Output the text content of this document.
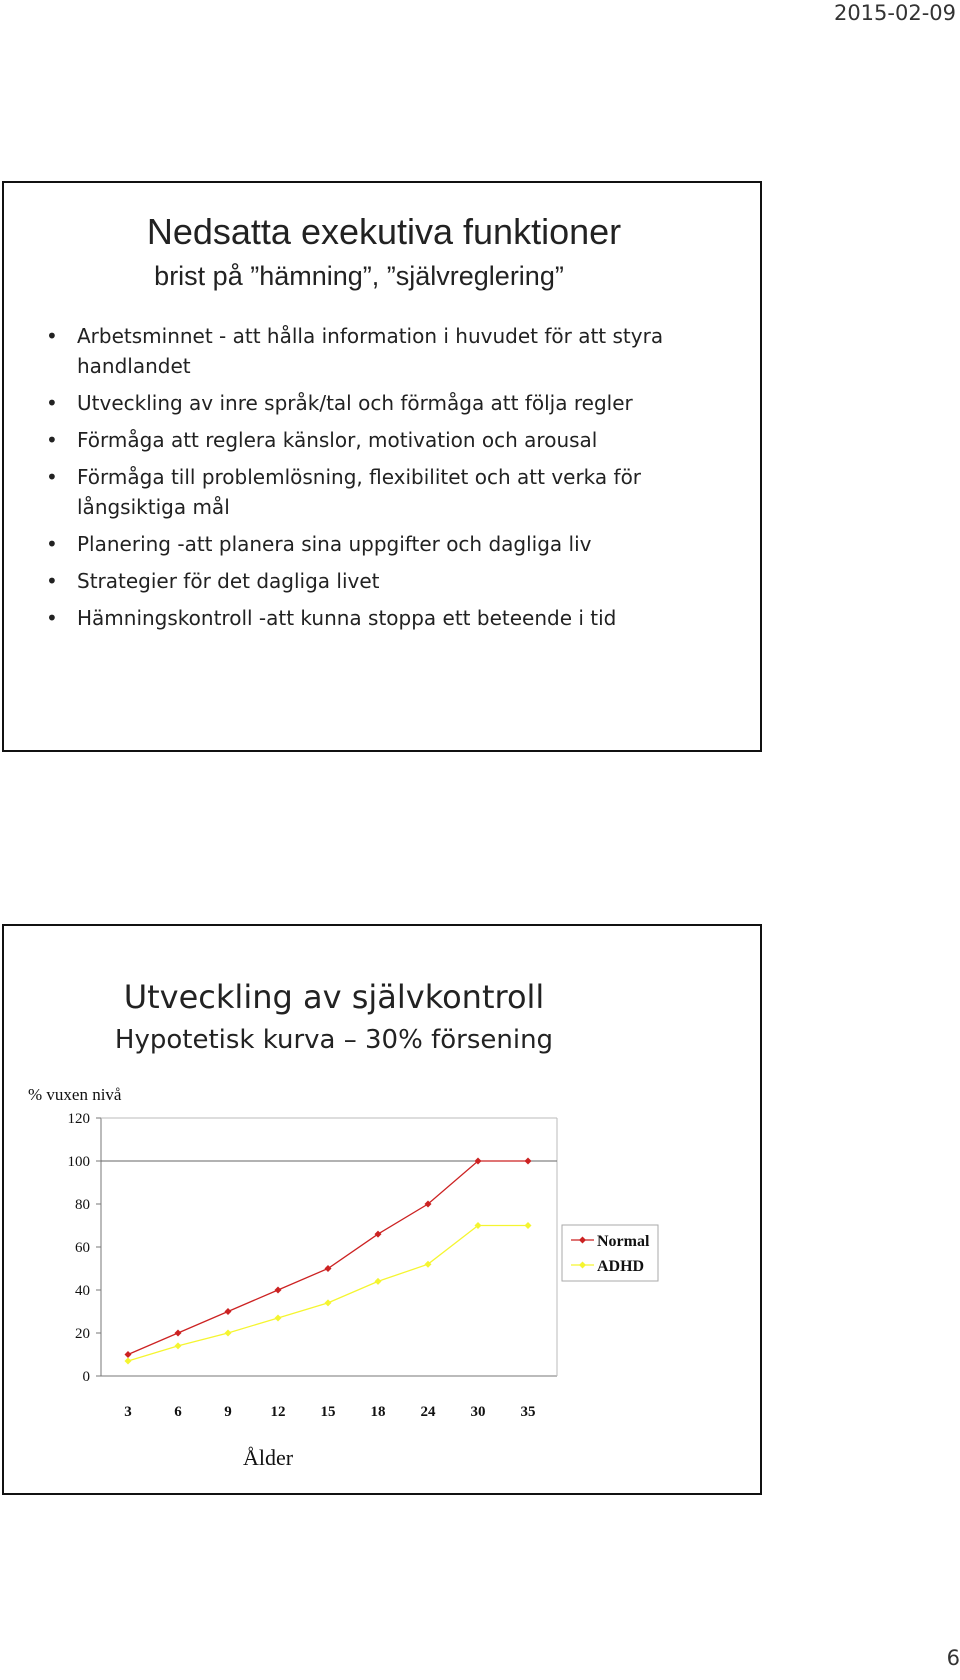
2015-02-09
Nedsatta exekutiva funktioner
brist på ”hämning”, ”självreglering”
• Arbetsminnet - att hålla information i huvudet för att styra handlandet
• Utveckling av inre språk/tal och förmåga att följa regler
• Förmåga att reglera känslor, motivation och arousal
• Förmåga till problemlösning, flexibilitet och att verka för långsiktiga mål
• Planering -att planera sina uppgifter och dagliga liv
• Strategier för det dagliga livet
• Hämningskontroll -att kunna stoppa ett beteende i tid
Utveckling av självkontroll
Hypotetisk kurva – 30% försening
0
20
40
60
80
100
120
3	6	9	12 15 18 24 30 35
% vuxen nivå
Ålder
Normal
ADHD
6
